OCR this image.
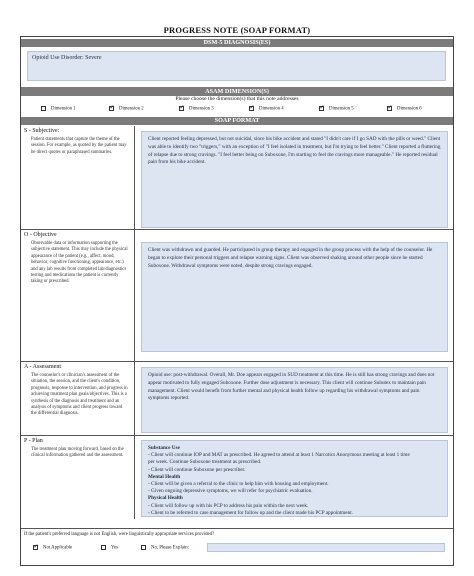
PROGRESS NOTE (SOAP FORMAT)
DSM-5 DIAGNOSIS(ES)
Opioid Use Disorder: Severe
ASAM DIMENSION(S)
Please choose the dimension(s) that this note addresses
Dimension 1 ✓	Dimension 2 ✓	Dimension 3 ✓	Dimension 4 ✓	Dimension 5 ✓	Dimension 6
SOAP FORMAT
S - Subjective:
Patient statements that capture the theme of the session. For example, as quoted by the patient may be direct quotes or paraphrased summaries.
Client reported feeling depressed, but not suicidal, since his bike accident and stated "I didn't care if I go SAD with the pills or weed." Client was able to identify two "triggers," with an exception of "I feel isolated in treatment, but I'm trying to feel better." Client reported a fluttering of relapse due to strong cravings. "I feel better being on Suboxone, I'm starting to feel the cravings more manageable." He reported residual pain from his bike accident.
O - Objective
Observable data or information supporting the subjective statement. This may include the physical appearance of the patient (e.g., affect, mood, behavior, cognitive functioning, appearance, etc.) and any lab results from completed lab/diagnostics testing and medications the patient is currently taking or prescribed.
Client was withdrawn and guarded. He participated in group therapy and engaged in the group process with the help of the counselor. He began to explore their personal triggers and relapse warning signs. Client was observed shaking around other people since he started Suboxone. Withdrawal symptoms were noted, despite strong cravings engaged.
A - Assessment
The counselor's or clinician's assessment of the situation, the session, and the client's condition, prognosis, response to intervention, and progress in achieving treatment plan goals/objectives. This is a synthesis of the diagnosis and treatment and an analysis of symptoms and client progress toward the differential diagnosis.
Opioid use: post-withdrawal. Overall, Mr. Doe appears engaged in SUD treatment at this time. He is still has strong cravings and does not appear motivated to fully engaged Suboxone. Further dose adjustment is necessary. This client will continue Subutex to maintain pain management. Client would benefit from further mental and physical health follow up regarding his withdrawal symptoms and pain symptoms reported.
P - Plan
The treatment plan moving forward, based on the clinical information gathered and the assessment.
Substance Use
- Client will continue IOP and MAT as prescribed. He agreed to attend at least 1 Narcotics Anonymous meeting at least 1 time
per week. Continue Suboxone treatment as prescribed.
- Client will continue Suboxone per prescriber.
Mental Health
- Client will be given a referral to the clinic to help him with housing and employment.
- Given ongoing depressive symptoms, we will refer for psychiatric evaluation.
Physical Health
- Client will follow up with his PCP to address his pain within the next week.
- Client to be referred to case management for follow up and the client made his PCP appointment.
If the patient's preferred language is not English, were linguistically appropriate services provided?
✓Not Applicable	Yes	No, Please Explain:
